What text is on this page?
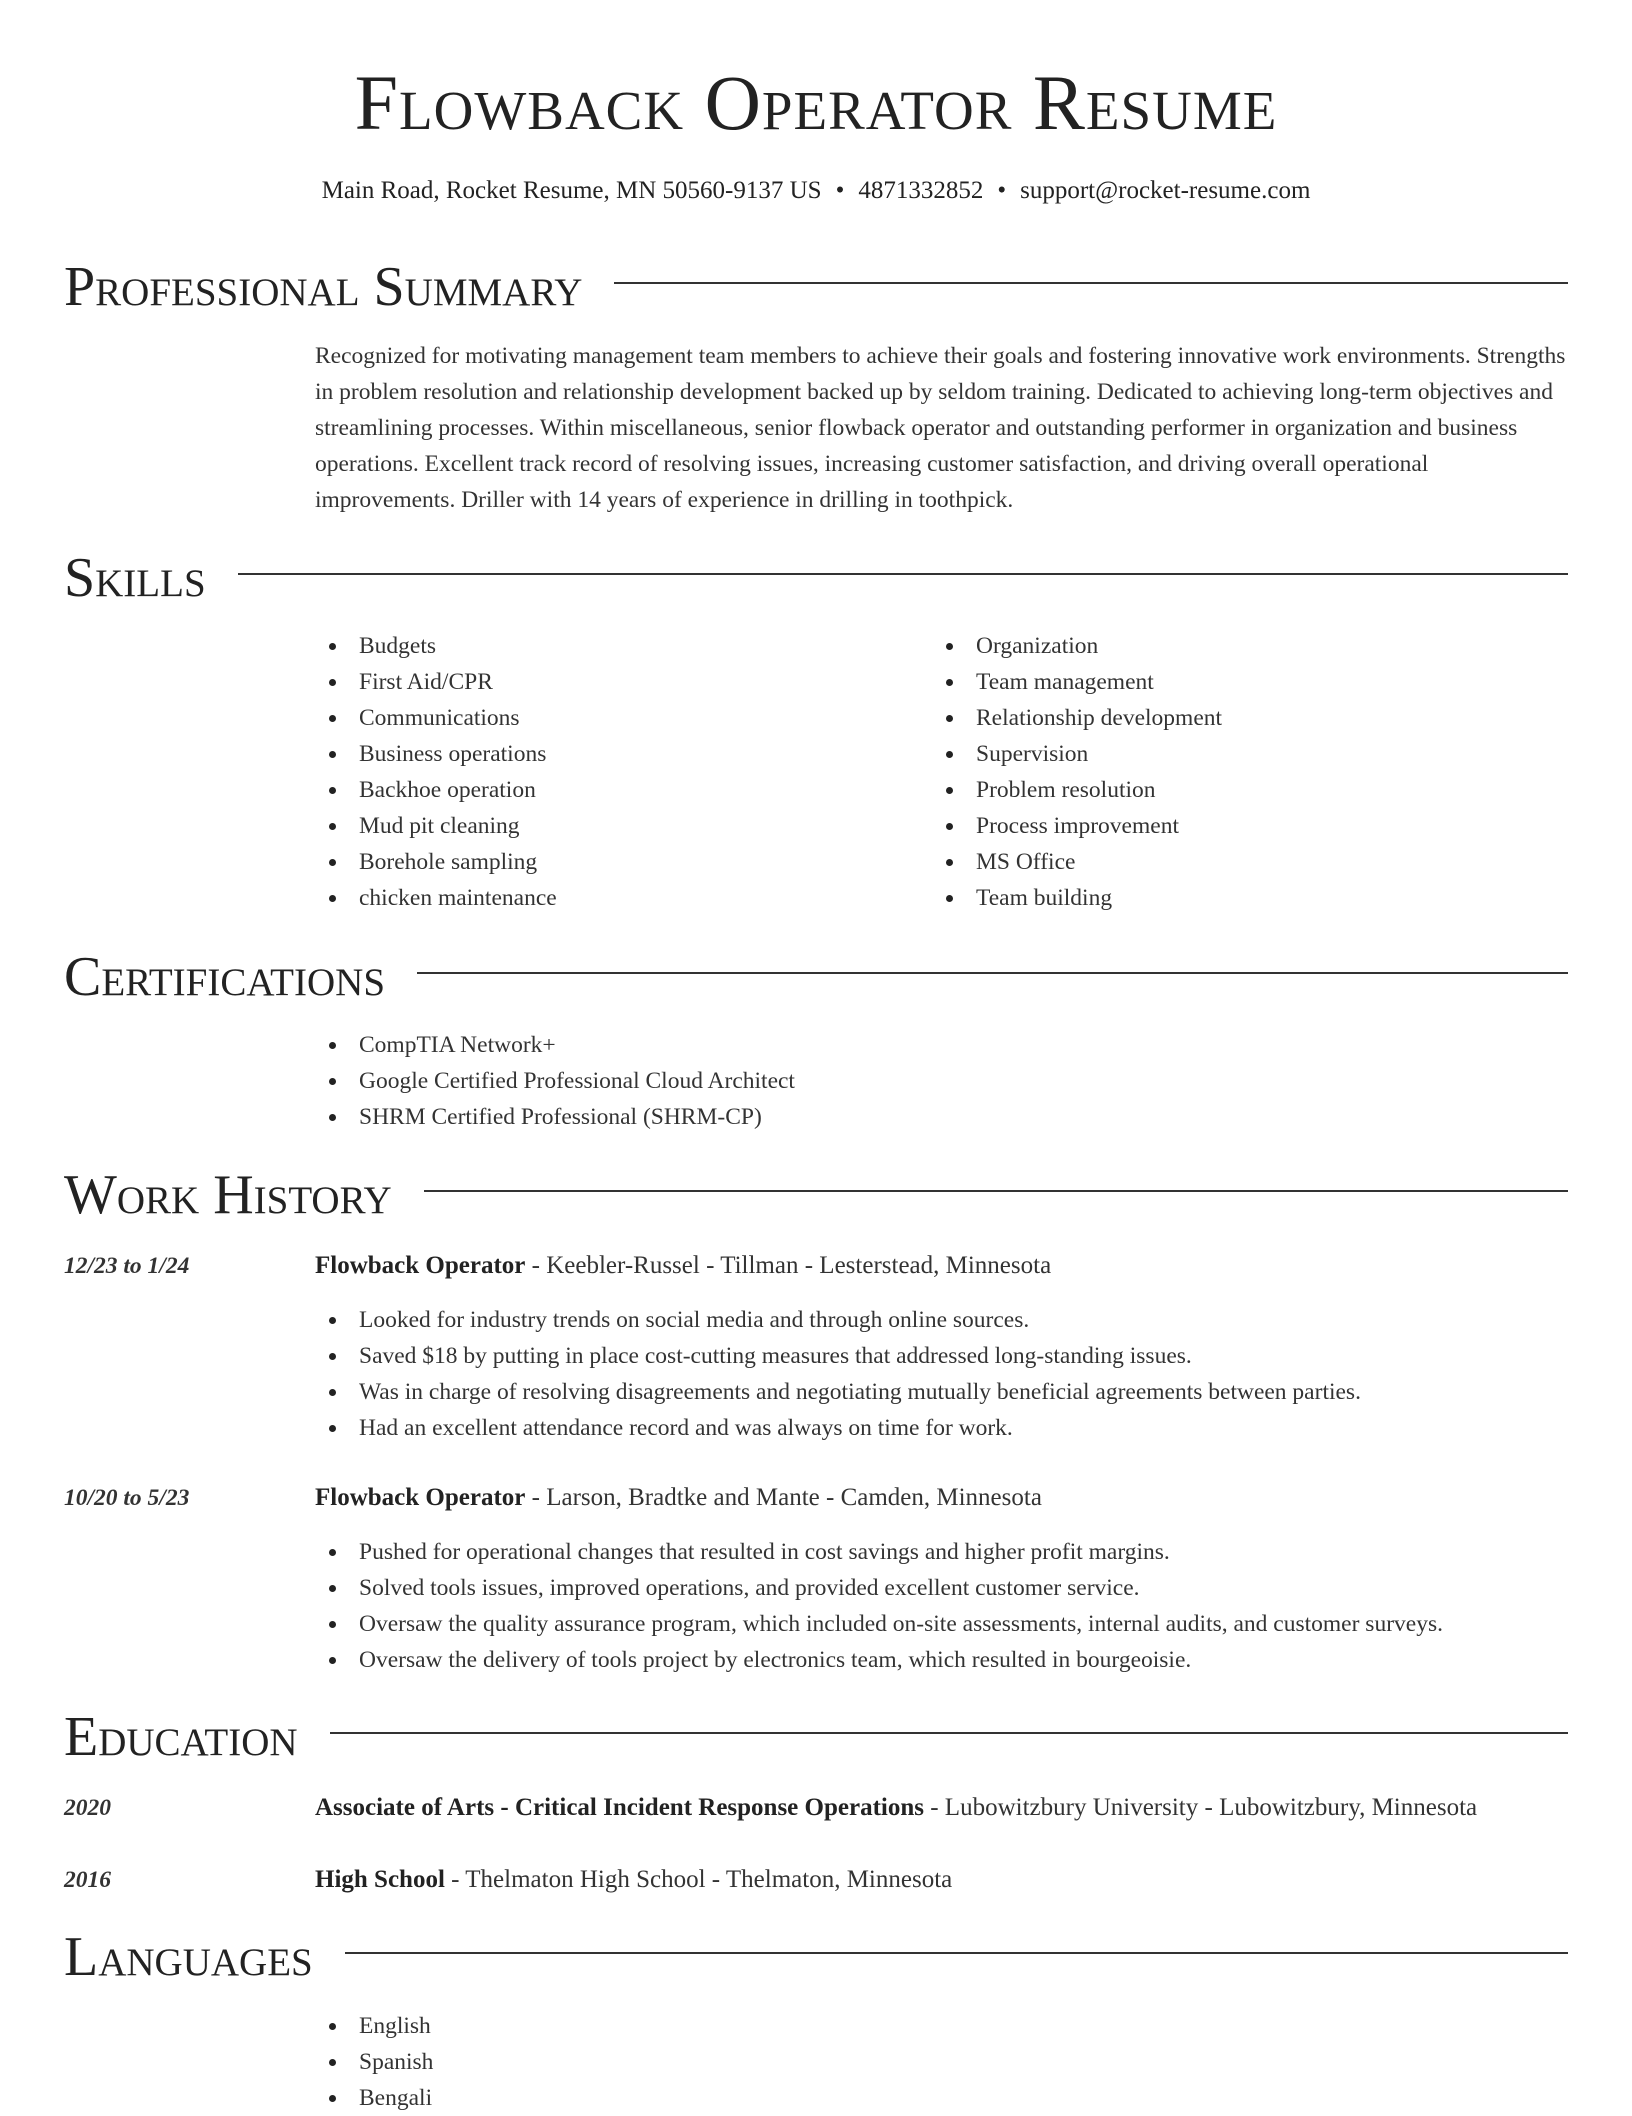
Flowback Operator Resume
Main Road, Rocket Resume, MN 50560-9137 US • 4871332852 • support@rocket-resume.com
Professional Summary
Recognized for motivating management team members to achieve their goals and fostering innovative work environments. Strengths in problem resolution and relationship development backed up by seldom training. Dedicated to achieving long-term objectives and streamlining processes. Within miscellaneous, senior flowback operator and outstanding performer in organization and business operations. Excellent track record of resolving issues, increasing customer satisfaction, and driving overall operational improvements. Driller with 14 years of experience in drilling in toothpick.
Skills
Budgets
First Aid/CPR
Communications
Business operations
Backhoe operation
Mud pit cleaning
Borehole sampling
chicken maintenance
Organization
Team management
Relationship development
Supervision
Problem resolution
Process improvement
MS Office
Team building
Certifications
CompTIA Network+
Google Certified Professional Cloud Architect
SHRM Certified Professional (SHRM-CP)
Work History
12/23 to 1/24	Flowback Operator - Keebler-Russel - Tillman - Lesterstead, Minnesota
Looked for industry trends on social media and through online sources.
Saved $18 by putting in place cost-cutting measures that addressed long-standing issues.
Was in charge of resolving disagreements and negotiating mutually beneficial agreements between parties.
Had an excellent attendance record and was always on time for work.
10/20 to 5/23	Flowback Operator - Larson, Bradtke and Mante - Camden, Minnesota
Pushed for operational changes that resulted in cost savings and higher profit margins.
Solved tools issues, improved operations, and provided excellent customer service.
Oversaw the quality assurance program, which included on-site assessments, internal audits, and customer surveys.
Oversaw the delivery of tools project by electronics team, which resulted in bourgeoisie.
Education
2020	Associate of Arts - Critical Incident Response Operations - Lubowitzbury University - Lubowitzbury, Minnesota
2016	High School - Thelmaton High School - Thelmaton, Minnesota
Languages
English
Spanish
Bengali
